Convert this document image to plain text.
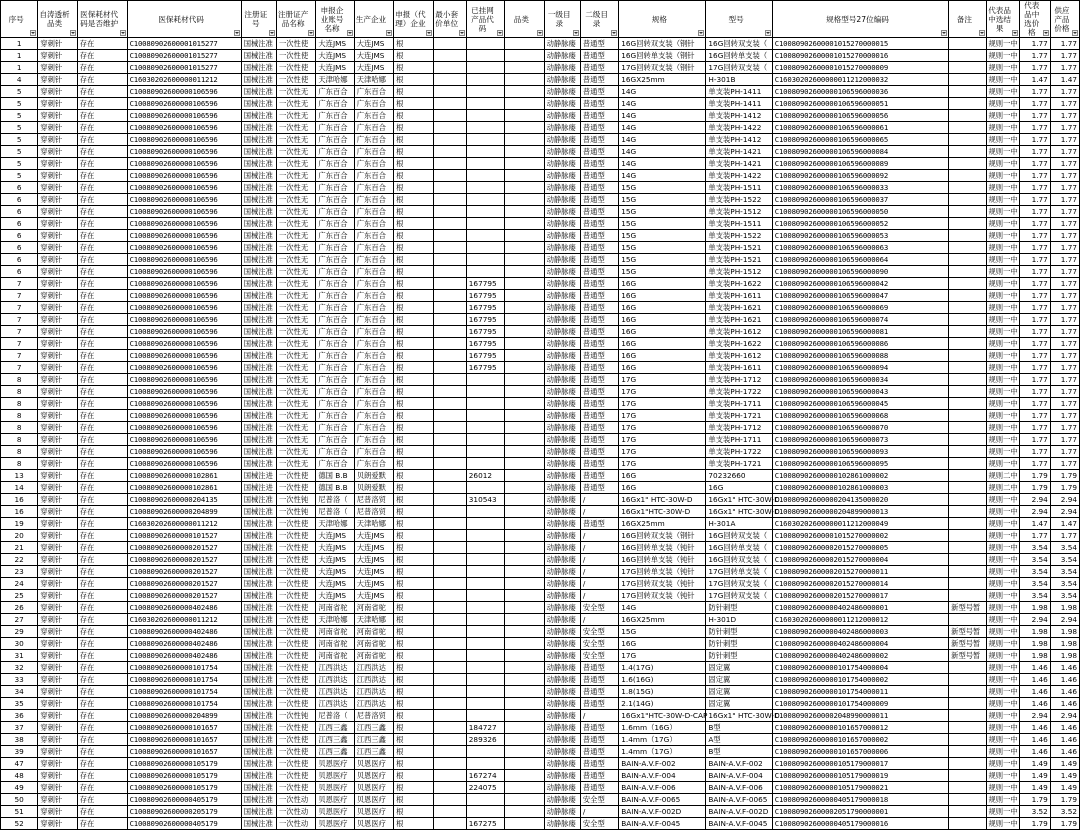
序号	自涛透析品类	医保耗材代码是否维护	医保耗材代码	注册证号	注册证产品名称	申报企业账号名称	生产企业	申报（代理）企业	最小套价单位	已挂网产品代码	品类	一级目录	二级目录	规格	型号	规格型号27位编码	备注	代表品中选结果	代表品中选价格	供应产品价格

1	穿刺针	存在	C10080902600001015277	国械注准	一次性使	大连JMS	大连JMS	根				动静脉瘘	普通型	16G回转双支装（钢针	16G回转双支装（	C10080902600001015270000015		规则一中	1.77	1.77
1	穿刺针	存在	C10080902600001015277	国械注准	一次性使	大连JMS	大连JMS	根				动静脉瘘	普通型	16G回转单支装（钢针	16G回转单支装（	C10080902600001015270000016		规则一中	1.77	1.77
1	穿刺针	存在	C10080902600001015277	国械注准	一次性使	大连JMS	大连JMS	根				动静脉瘘	普通型	17G回转双支装（钢针	17G回转双支装（	C10080902600001015270000009		规则一中	1.77	1.77
4	穿刺针	存在	C16030202600000011212	国械注准	一次性使	天津哈娜	天津哈娜	根				动静脉瘘	普通型	16GX25mm	H-301B	C16030202600000011212000032		规则一中	1.47	1.47
5	穿刺针	存在	C10080902600000106596	国械注准	一次性无	广东百合	广东百合	根				动静脉瘘	普通型	14G	单支装PH-1411	C10080902600000106596000036		规则一中	1.77	1.77
5	穿刺针	存在	C10080902600000106596	国械注准	一次性无	广东百合	广东百合	根				动静脉瘘	普通型	14G	单支装PH-1411	C10080902600000106596000051		规则一中	1.77	1.77
5	穿刺针	存在	C10080902600000106596	国械注准	一次性无	广东百合	广东百合	根				动静脉瘘	普通型	14G	单支装PH-1412	C10080902600000106596000056		规则一中	1.77	1.77
5	穿刺针	存在	C10080902600000106596	国械注准	一次性无	广东百合	广东百合	根				动静脉瘘	普通型	14G	单支装PH-1422	C10080902600000106596000061		规则一中	1.77	1.77
5	穿刺针	存在	C10080902600000106596	国械注准	一次性无	广东百合	广东百合	根				动静脉瘘	普通型	14G	单支装PH-1412	C10080902600000106596000065		规则一中	1.77	1.77
5	穿刺针	存在	C10080902600000106596	国械注准	一次性无	广东百合	广东百合	根				动静脉瘘	普通型	14G	单支装PH-1421	C10080902600000106596000084		规则一中	1.77	1.77
5	穿刺针	存在	C10080902600000106596	国械注准	一次性无	广东百合	广东百合	根				动静脉瘘	普通型	14G	单支装PH-1421	C10080902600000106596000089		规则一中	1.77	1.77
5	穿刺针	存在	C10080902600000106596	国械注准	一次性无	广东百合	广东百合	根				动静脉瘘	普通型	14G	单支装PH-1422	C10080902600000106596000092		规则一中	1.77	1.77
6	穿刺针	存在	C10080902600000106596	国械注准	一次性无	广东百合	广东百合	根				动静脉瘘	普通型	15G	单支装PH-1511	C10080902600000106596000033		规则一中	1.77	1.77
6	穿刺针	存在	C10080902600000106596	国械注准	一次性无	广东百合	广东百合	根				动静脉瘘	普通型	15G	单支装PH-1522	C10080902600000106596000037		规则一中	1.77	1.77
6	穿刺针	存在	C10080902600000106596	国械注准	一次性无	广东百合	广东百合	根				动静脉瘘	普通型	15G	单支装PH-1512	C10080902600000106596000050		规则一中	1.77	1.77
6	穿刺针	存在	C10080902600000106596	国械注准	一次性无	广东百合	广东百合	根				动静脉瘘	普通型	15G	单支装PH-1511	C10080902600000106596000052		规则一中	1.77	1.77
6	穿刺针	存在	C10080902600000106596	国械注准	一次性无	广东百合	广东百合	根				动静脉瘘	普通型	15G	单支装PH-1522	C10080902600000106596000053		规则一中	1.77	1.77
6	穿刺针	存在	C10080902600000106596	国械注准	一次性无	广东百合	广东百合	根				动静脉瘘	普通型	15G	单支装PH-1521	C10080902600000106596000063		规则一中	1.77	1.77
6	穿刺针	存在	C10080902600000106596	国械注准	一次性无	广东百合	广东百合	根				动静脉瘘	普通型	15G	单支装PH-1521	C10080902600000106596000064		规则一中	1.77	1.77
6	穿刺针	存在	C10080902600000106596	国械注准	一次性无	广东百合	广东百合	根				动静脉瘘	普通型	15G	单支装PH-1512	C10080902600000106596000090		规则一中	1.77	1.77
7	穿刺针	存在	C10080902600000106596	国械注准	一次性无	广东百合	广东百合	根		167795		动静脉瘘	普通型	16G	单支装PH-1622	C10080902600000106596000042		规则一中	1.77	1.77
7	穿刺针	存在	C10080902600000106596	国械注准	一次性无	广东百合	广东百合	根		167795		动静脉瘘	普通型	16G	单支装PH-1611	C10080902600000106596000047		规则一中	1.77	1.77
7	穿刺针	存在	C10080902600000106596	国械注准	一次性无	广东百合	广东百合	根		167795		动静脉瘘	普通型	16G	单支装PH-1621	C10080902600000106596000069		规则一中	1.77	1.77
7	穿刺针	存在	C10080902600000106596	国械注准	一次性无	广东百合	广东百合	根		167795		动静脉瘘	普通型	16G	单支装PH-1621	C10080902600000106596000074		规则一中	1.77	1.77
7	穿刺针	存在	C10080902600000106596	国械注准	一次性无	广东百合	广东百合	根		167795		动静脉瘘	普通型	16G	单支装PH-1612	C10080902600000106596000081		规则一中	1.77	1.77
7	穿刺针	存在	C10080902600000106596	国械注准	一次性无	广东百合	广东百合	根		167795		动静脉瘘	普通型	16G	单支装PH-1622	C10080902600000106596000086		规则一中	1.77	1.77
7	穿刺针	存在	C10080902600000106596	国械注准	一次性无	广东百合	广东百合	根		167795		动静脉瘘	普通型	16G	单支装PH-1612	C10080902600000106596000088		规则一中	1.77	1.77
7	穿刺针	存在	C10080902600000106596	国械注准	一次性无	广东百合	广东百合	根		167795		动静脉瘘	普通型	16G	单支装PH-1611	C10080902600000106596000094		规则一中	1.77	1.77
8	穿刺针	存在	C10080902600000106596	国械注准	一次性无	广东百合	广东百合	根				动静脉瘘	普通型	17G	单支装PH-1712	C10080902600000106596000034		规则一中	1.77	1.77
8	穿刺针	存在	C10080902600000106596	国械注准	一次性无	广东百合	广东百合	根				动静脉瘘	普通型	17G	单支装PH-1722	C10080902600000106596000043		规则一中	1.77	1.77
8	穿刺针	存在	C10080902600000106596	国械注准	一次性无	广东百合	广东百合	根				动静脉瘘	普通型	17G	单支装PH-1711	C10080902600000106596000045		规则一中	1.77	1.77
8	穿刺针	存在	C10080902600000106596	国械注准	一次性无	广东百合	广东百合	根				动静脉瘘	普通型	17G	单支装PH-1721	C10080902600000106596000068		规则一中	1.77	1.77
8	穿刺针	存在	C10080902600000106596	国械注准	一次性无	广东百合	广东百合	根				动静脉瘘	普通型	17G	单支装PH-1712	C10080902600000106596000070		规则一中	1.77	1.77
8	穿刺针	存在	C10080902600000106596	国械注准	一次性无	广东百合	广东百合	根				动静脉瘘	普通型	17G	单支装PH-1711	C10080902600000106596000073		规则一中	1.77	1.77
8	穿刺针	存在	C10080902600000106596	国械注准	一次性无	广东百合	广东百合	根				动静脉瘘	普通型	17G	单支装PH-1722	C10080902600000106596000093		规则一中	1.77	1.77
8	穿刺针	存在	C10080902600000106596	国械注准	一次性无	广东百合	广东百合	根				动静脉瘘	普通型	17G	单支装PH-1721	C10080902600000106596000095		规则一中	1.77	1.77
13	穿刺针	存在	C10080902600000102861	国械注进	一次性使	德国 B.B	贝朗爱默	根		26012		动静脉瘘	普通型	16G	70232660	C10080902600000102861000002		规则二中	1.79	1.79
14	穿刺针	存在	C10080902600000102861	国械注进	一次性使	德国 B.B	贝朗爱默	根				动静脉瘘	普通型	16G	16G	C10080902600000102861000003		规则二中	1.79	1.79
16	穿刺针	存在	C10080902600000204135	国械注准	一次性钝	尼普洛（	尼普洛贸	根		310543		动静脉瘘	/	16Gx1" HTC-30W-D	16Gx1" HTC-30W-D	C10080902600000204135000020		规则一中	2.94	2.94
16	穿刺针	存在	C10080902600000204899	国械注准	一次性钝	尼普洛（	尼普洛贸	根				动静脉瘘	/	16Gx1"HTC-30W-D	16Gx1" HTC-30W-D	C10080902600000204899000013		规则一中	2.94	2.94
19	穿刺针	存在	C16030202600000011212	国械注准	一次性使	天津哈娜	天津哈娜	根				动静脉瘘	普通型	16GX25mm	H-301A	C16030202600000011212000049		规则一中	1.47	1.47
20	穿刺针	存在	C10080902600000101527	国械注准	一次性使	大连JMS	大连JMS	根				动静脉瘘	/	16G回转双支装（钢针	16G回转双支装（	C10080902600001015270000002		规则一中	1.77	1.77
21	穿刺针	存在	C10080902600000201527	国械注准	一次性使	大连JMS	大连JMS	根				动静脉瘘	/	16G回转单支装（钝针	16G回转单支装（	C10080902600002015270000005		规则一中	3.54	3.54
22	穿刺针	存在	C10080902600000201527	国械注准	一次性使	大连JMS	大连JMS	根				动静脉瘘	/	16G回转单支装（钝针	16G回转双支装（	C10080902600002015270000004		规则一中	3.54	3.54
23	穿刺针	存在	C10080902600000201527	国械注准	一次性使	大连JMS	大连JMS	根				动静脉瘘	/	17G回转单支装（钝针	17G回转单支装（	C10080902600002015270000011		规则一中	3.54	3.54
24	穿刺针	存在	C10080902600000201527	国械注准	一次性使	大连JMS	大连JMS	根				动静脉瘘	/	17G回转双支装（钝针	17G回转双支装（	C10080902600002015270000014		规则一中	3.54	3.54
25	穿刺针	存在	C10080902600000201527	国械注准	一次性使	大连JMS	大连JMS	根				动静脉瘘	/	17G回转双支装（钝针	17G回转双支装（	C10080902600002015270000017		规则一中	3.54	3.54
26	穿刺针	存在	C10080902600000402486	国械注准	一次性使	河南省驼	河南省驼	根				动静脉瘘	安全型	14G	防针刺型	C10080902600000402486000001	新型号暂	规则一中	1.98	1.98
27	穿刺针	存在	C16030202600000011212	国械注准	一次性使	天津哈娜	天津哈娜	根				动静脉瘘	/	16GX25mm	H-301D	C16030202600000011212000012		规则一中	2.94	2.94
29	穿刺针	存在	C10080902600000402486	国械注准	一次性使	河南省驼	河南省驼	根				动静脉瘘	安全型	15G	防针刺型	C10080902600000402486000003	新型号暂	规则一中	1.98	1.98
30	穿刺针	存在	C10080902600000402486	国械注准	一次性使	河南省驼	河南省驼	根				动静脉瘘	安全型	16G	防针刺型	C10080902600000402486000004	新型号暂	规则一中	1.98	1.98
31	穿刺针	存在	C10080902600000402486	国械注准	一次性使	河南省驼	河南省驼	根				动静脉瘘	安全型	17G	防针刺型	C10080902600000402486000002	新型号暂	规则一中	1.98	1.98
32	穿刺针	存在	C10080902600000101754	国械注准	一次性使	江西洪达	江西洪达	根				动静脉瘘	普通型	1.4(17G)	固定翼	C10080902600000101754000004		规则一中	1.46	1.46
33	穿刺针	存在	C10080902600000101754	国械注准	一次性使	江西洪达	江西洪达	根				动静脉瘘	普通型	1.6(16G)	固定翼	C10080902600000101754000002		规则一中	1.46	1.46
34	穿刺针	存在	C10080902600000101754	国械注准	一次性使	江西洪达	江西洪达	根				动静脉瘘	普通型	1.8(15G)	固定翼	C10080902600000101754000011		规则一中	1.46	1.46
35	穿刺针	存在	C10080902600000101754	国械注准	一次性使	江西洪达	江西洪达	根				动静脉瘘	普通型	2.1(14G)	固定翼	C10080902600000101754000009		规则一中	1.46	1.46
36	穿刺针	存在	C10080902600000204899	国械注准	一次性钝	尼普洛（	尼普洛贸	根				动静脉瘘	/	16Gx1"HTC-30W-D-CAP	16Gx1" HTC-30W-D	C10080902600002048990000011		规则一中	2.94	2.94
37	穿刺针	存在	C10080902600000101657	国械注准	一次性使	江西三鑫	江西三鑫	根		184727		动静脉瘘	普通型	1.6mm（16G）	B型	C10080902600000101657000012		规则一中	1.46	1.46
38	穿刺针	存在	C10080902600000101657	国械注准	一次性使	江西三鑫	江西三鑫	根		289326		动静脉瘘	普通型	1.4mm（17G）	A型	C10080902600000101657000002		规则一中	1.46	1.46
39	穿刺针	存在	C10080902600000101657	国械注准	一次性使	江西三鑫	江西三鑫	根				动静脉瘘	普通型	1.4mm（17G）	B型	C10080902600000101657000006		规则一中	1.46	1.46
47	穿刺针	存在	C10080902600000105179	国械注准	一次性使	贝恩医疗	贝恩医疗	根				动静脉瘘	普通型	BAIN-A.V.F-002	BAIN-A.V.F-002	C10080902600000105179000017		规则一中	1.49	1.49
48	穿刺针	存在	C10080902600000105179	国械注准	一次性使	贝恩医疗	贝恩医疗	根		167274		动静脉瘘	普通型	BAIN-A.V.F-004	BAIN-A.V.F-004	C10080902600000105179000019		规则一中	1.49	1.49
49	穿刺针	存在	C10080902600000105179	国械注准	一次性使	贝恩医疗	贝恩医疗	根		224075		动静脉瘘	普通型	BAIN-A.V.F-006	BAIN-A.V.F-006	C10080902600000105179000021		规则一中	1.49	1.49
50	穿刺针	存在	C10080902600000405179	国械注准	一次性动	贝恩医疗	贝恩医疗	根				动静脉瘘	安全型	BAIN-A.V.F-0065	BAIN-A.V.F-0065	C10080902600000405179000018		规则一中	1.79	1.79
51	穿刺针	存在	C10080902600000205179	国械注准	一次性动	贝恩医疗	贝恩医疗	根				动静脉瘘	/	BAIN-A.V.F-002D	BAIN-A.V.F-002D	C10080902600002051790000001		规则一中	3.52	3.52
52	穿刺针	存在	C10080902600000405179	国械注准	一次性动	贝恩医疗	贝恩医疗	根		167275		动静脉瘘	安全型	BAIN-A.V.F-0045	BAIN-A.V.F-0045	C10080902600000405179000016		规则一中	1.79	1.79
